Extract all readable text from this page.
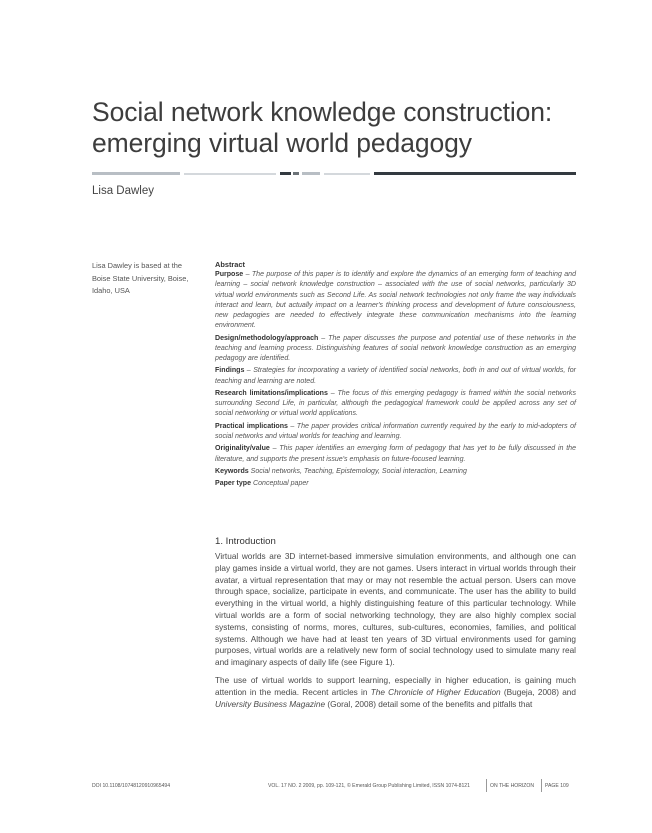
Social network knowledge construction:
emerging virtual world pedagogy
Lisa Dawley
Lisa Dawley is based at the Boise State University, Boise, Idaho, USA
Abstract

Purpose – The purpose of this paper is to identify and explore the dynamics of an emerging form of teaching and learning – social network knowledge construction – associated with the use of social networks, particularly 3D virtual world environments such as Second Life. As social network technologies not only frame the way individuals interact and learn, but actually impact on a learner's thinking process and development of future consciousness, new pedagogies are needed to effectively integrate these communication mechanisms into the learning environment.

Design/methodology/approach – The paper discusses the purpose and potential use of these networks in the teaching and learning process. Distinguishing features of social network knowledge construction as an emerging pedagogy are identified.

Findings – Strategies for incorporating a variety of identified social networks, both in and out of virtual worlds, for teaching and learning are noted.

Research limitations/implications – The focus of this emerging pedagogy is framed within the social networks surrounding Second Life, in particular, although the pedagogical framework could be applied across any set of social networking or virtual world applications.

Practical implications – The paper provides critical information currently required by the early to mid-adopters of social networks and virtual worlds for teaching and learning.

Originality/value – This paper identifies an emerging form of pedagogy that has yet to be fully discussed in the literature, and supports the present issue's emphasis on future-focused learning.

Keywords Social networks, Teaching, Epistemology, Social interaction, Learning

Paper type Conceptual paper

1. Introduction

Virtual worlds are 3D internet-based immersive simulation environments, and although one can play games inside a virtual world, they are not games. Users interact in virtual worlds through their avatar, a virtual representation that may or may not resemble the actual person. Users can move through space, socialize, participate in events, and communicate. The user has the ability to build everything in the virtual world, a highly distinguishing feature of this particular technology. While virtual worlds are a form of social networking technology, they are also highly complex social systems, consisting of norms, mores, cultures, sub-cultures, economies, families, and political systems. Although we have had at least ten years of 3D virtual environments used for gaming purposes, virtual worlds are a relatively new form of social technology used to simulate many real and imaginary aspects of daily life (see Figure 1).

The use of virtual worlds to support learning, especially in higher education, is gaining much attention in the media. Recent articles in The Chronicle of Higher Education (Bugeja, 2008) and University Business Magazine (Goral, 2008) detail some of the benefits and pitfalls that

DOI 10.1108/10748120910965494	VOL. 17 NO. 2 2009, pp. 109-121, © Emerald Group Publishing Limited, ISSN 1074-8121	ON THE HORIZON PAGE 109
